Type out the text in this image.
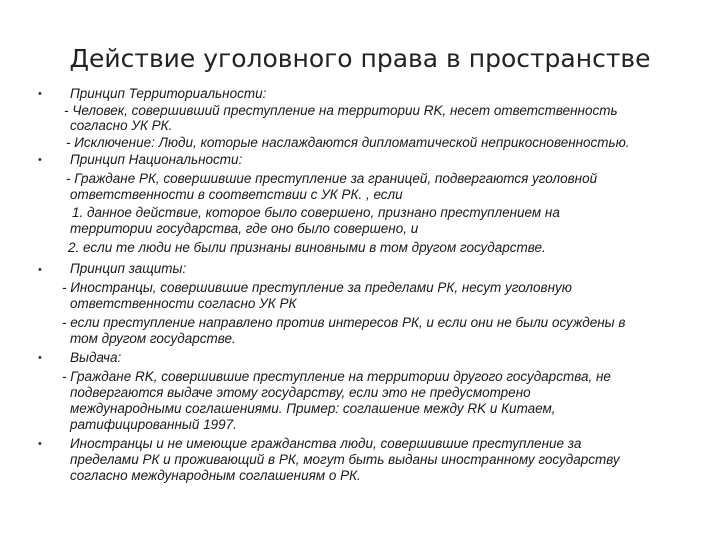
Действие уголовного права в пространстве
•
•
•
•
•
Принцип Территориальности:
- Человек, совершивший преступление на территории RK, несет ответственность
согласно УК РК.
- Исключение: Люди, которые наслаждаются дипломатической неприкосновенностью.
Принцип Национальности:
- Граждане РК, совершившие преступление за границей, подвергаются уголовной
ответственности в соответствии с УК РК. , если
1. данное действие, которое было совершено, признано преступлением на
территории государства, где оно было совершено, и
2. если те люди не были признаны виновными в том другом государстве.
Принцип защиты:
- Иностранцы, совершившие преступление за пределами РК, несут уголовную
ответственности согласно УК РК
- если преступление направлено против интересов РК, и если они не были осуждены в
том другом государстве.
Выдача:
- Граждане RK, совершившие преступление на территории другого государства, не
подвергаются выдаче этому государству, если это не предусмотрено
международными соглашениями. Пример: соглашение между RK и Китаем,
ратифицированный 1997.
Иностранцы и не имеющие гражданства люди, совершившие преступление за
пределами РК и проживающий в РК, могут быть выданы иностранному государству
согласно международным соглашениям о РК.
